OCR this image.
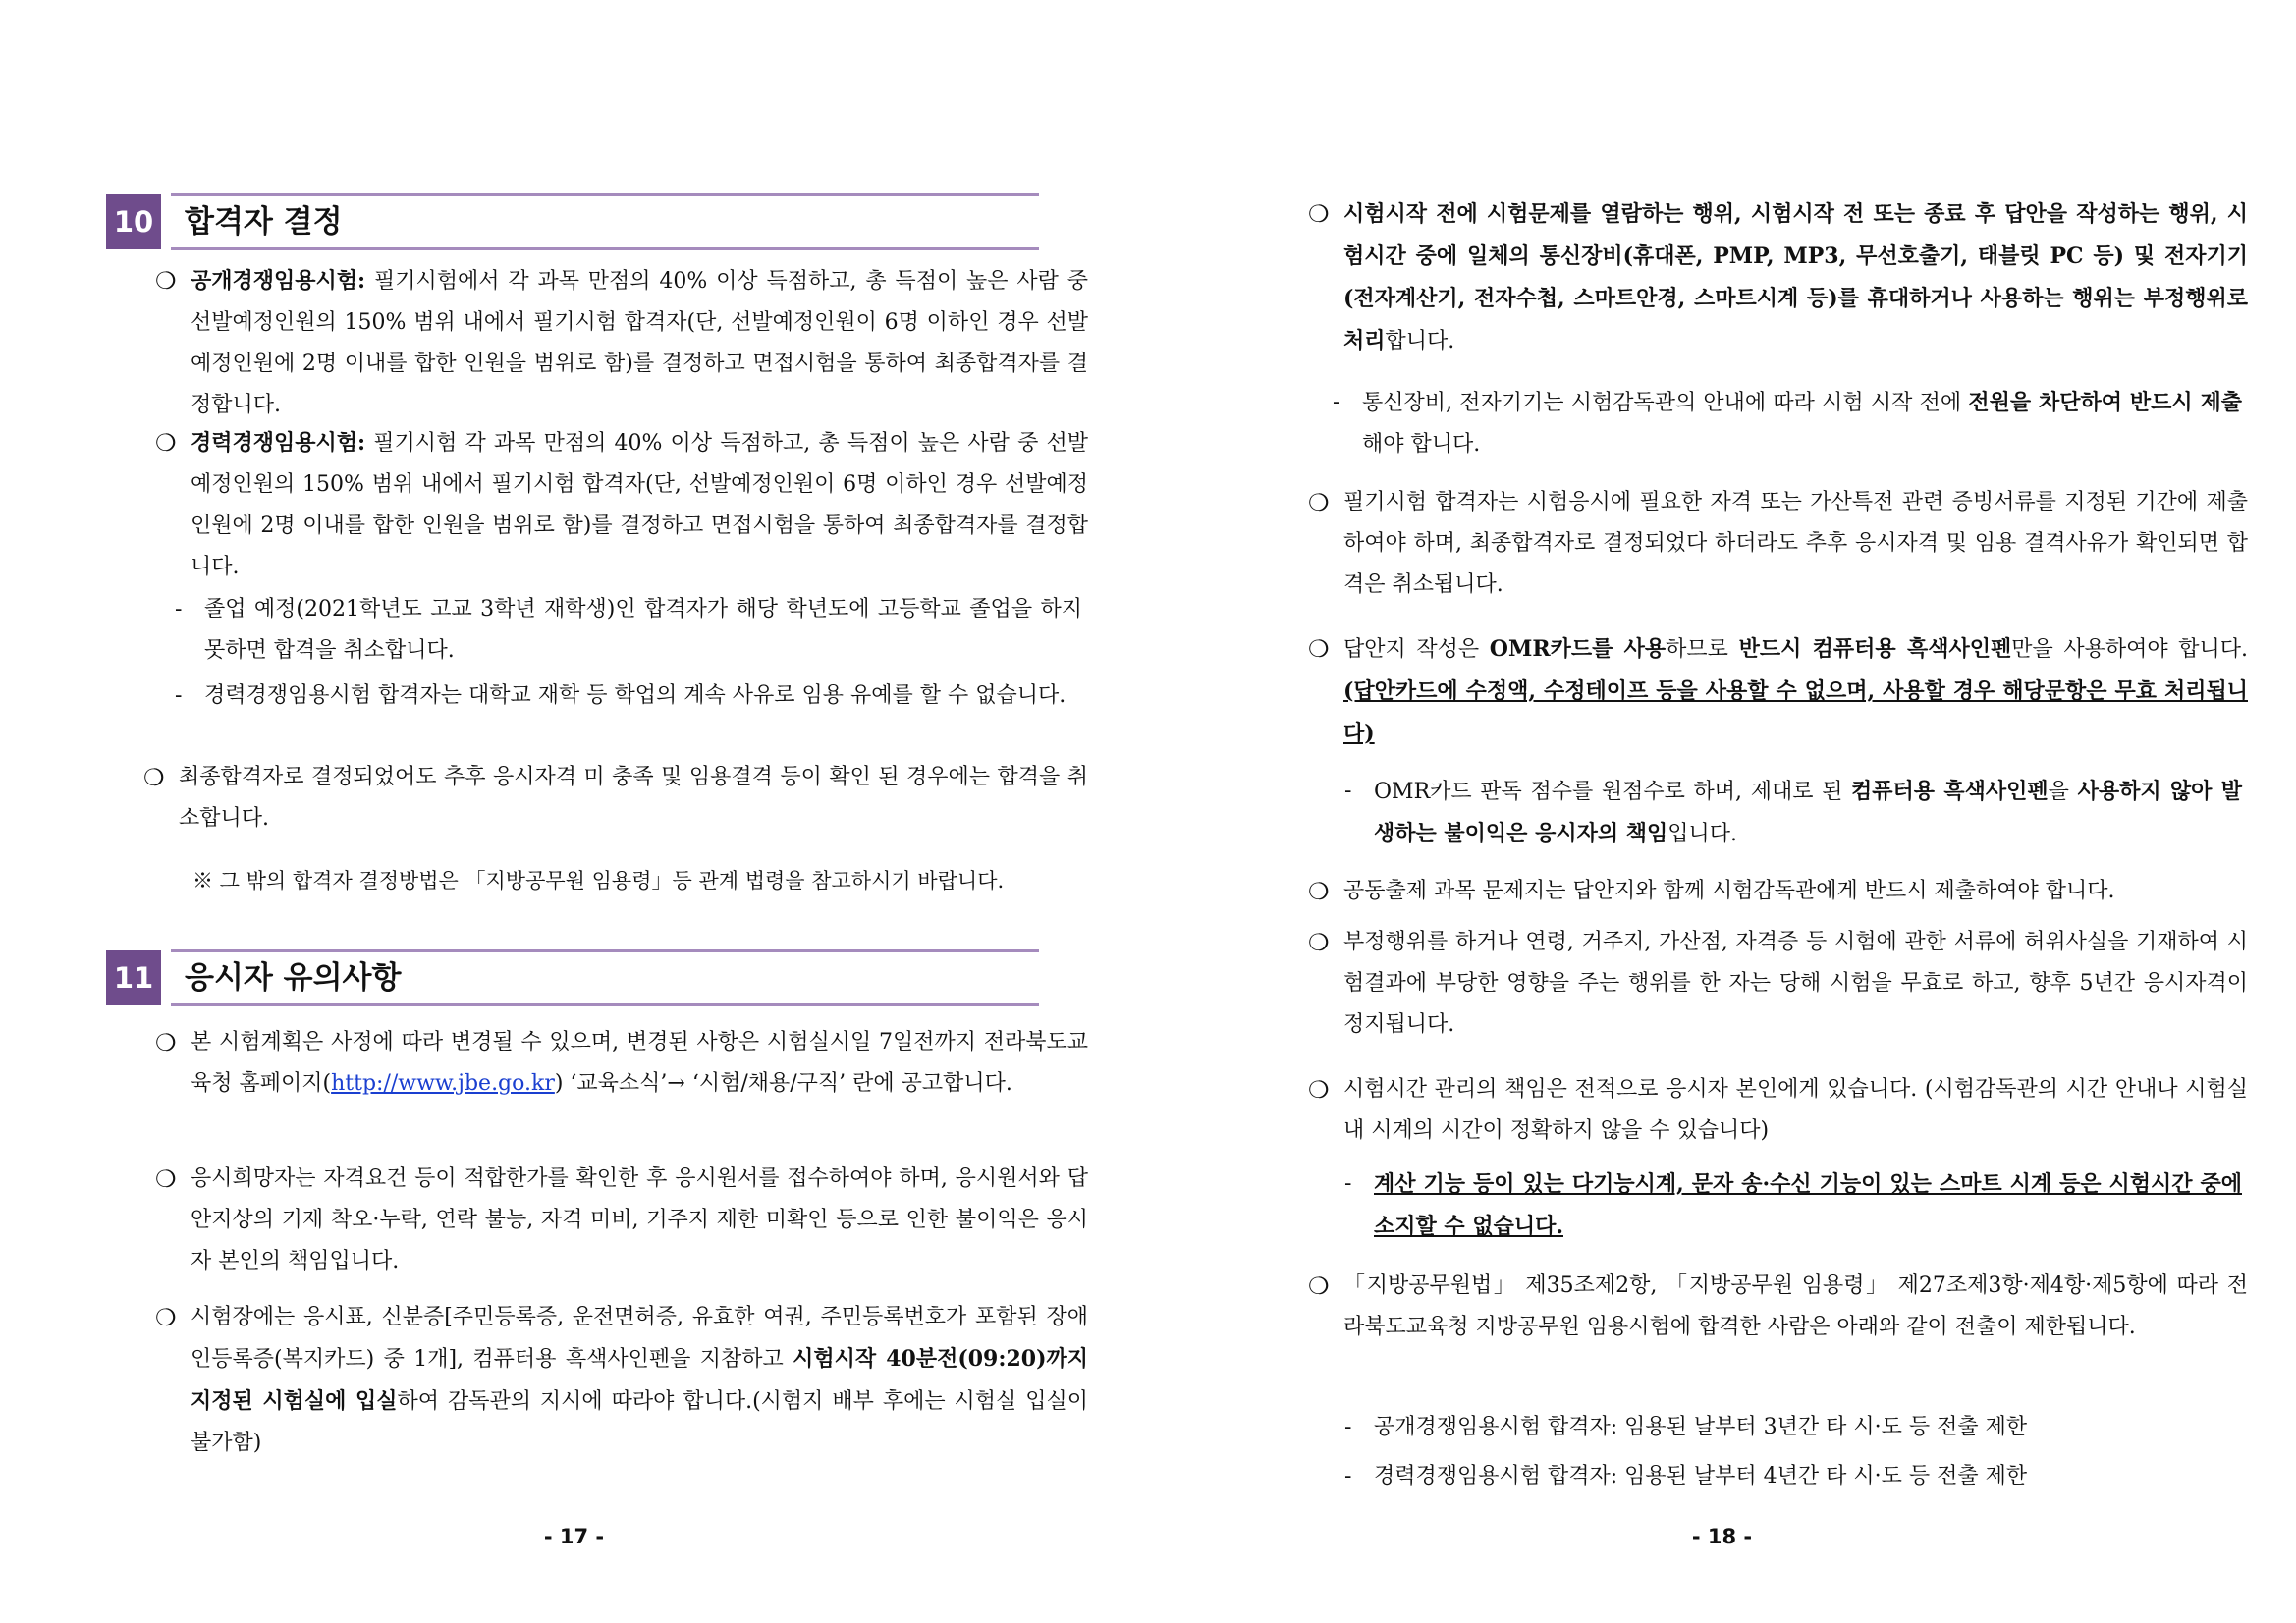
10 합격자 결정
❍ 공개경쟁임용시험: 필기시험에서 각 과목 만점의 40% 이상 득점하고, 총 득점이 높은 사람 중 선발예정인원의 150% 범위 내에서 필기시험 합격자(단, 선발예정인원이 6명 이하인 경우 선발예정인원에 2명 이내를 합한 인원을 범위로 함)를 결정하고 면접시험을 통하여 최종합격자를 결정합니다.
❍ 경력경쟁임용시험: 필기시험 각 과목 만점의 40% 이상 득점하고, 총 득점이 높은 사람 중 선발예정인원의 150% 범위 내에서 필기시험 합격자(단, 선발예정인원이 6명 이하인 경우 선발예정인원에 2명 이내를 합한 인원을 범위로 함)를 결정하고 면접시험을 통하여 최종합격자를 결정합니다.
- 졸업 예정(2021학년도 고교 3학년 재학생)인 합격자가 해당 학년도에 고등학교 졸업을 하지 못하면 합격을 취소합니다.
- 경력경쟁임용시험 합격자는 대학교 재학 등 학업의 계속 사유로 임용 유예를 할 수 없습니다.
❍ 최종합격자로 결정되었어도 추후 응시자격 미 충족 및 임용결격 등이 확인 된 경우에는 합격을 취소합니다.
※ 그 밖의 합격자 결정방법은 「지방공무원 임용령」등 관계 법령을 참고하시기 바랍니다.
11 응시자 유의사항
❍ 본 시험계획은 사정에 따라 변경될 수 있으며, 변경된 사항은 시험실시일 7일전까지 전라북도교육청 홈페이지(http://www.jbe.go.kr) ‘교육소식’→ ‘시험/채용/구직’ 란에 공고합니다.
❍ 응시희망자는 자격요건 등이 적합한가를 확인한 후 응시원서를 접수하여야 하며, 응시원서와 답안지상의 기재 착오·누락, 연락 불능, 자격 미비, 거주지 제한 미확인 등으로 인한 불이익은 응시자 본인의 책임입니다.
❍ 시험장에는 응시표, 신분증[주민등록증, 운전면허증, 유효한 여권, 주민등록번호가 포함된 장애인등록증(복지카드) 중 1개], 컴퓨터용 흑색사인펜을 지참하고 시험시작 40분전(09:20)까지 지정된 시험실에 입실하여 감독관의 지시에 따라야 합니다.(시험지 배부 후에는 시험실 입실이 불가함)
- 17 -
❍ 시험시작 전에 시험문제를 열람하는 행위, 시험시작 전 또는 종료 후 답안을 작성하는 행위, 시험시간 중에 일체의 통신장비(휴대폰, PMP, MP3, 무선호출기, 태블릿 PC 등) 및 전자기기(전자계산기, 전자수첩, 스마트안경, 스마트시계 등)를 휴대하거나 사용하는 행위는 부정행위로 처리합니다.
- 통신장비, 전자기기는 시험감독관의 안내에 따라 시험 시작 전에 전원을 차단하여 반드시 제출해야 합니다.
❍ 필기시험 합격자는 시험응시에 필요한 자격 또는 가산특전 관련 증빙서류를 지정된 기간에 제출하여야 하며, 최종합격자로 결정되었다 하더라도 추후 응시자격 및 임용 결격사유가 확인되면 합격은 취소됩니다.
❍ 답안지 작성은 OMR카드를 사용하므로 반드시 컴퓨터용 흑색사인펜만을 사용하여야 합니다. (답안카드에 수정액, 수정테이프 등을 사용할 수 없으며, 사용할 경우 해당문항은 무효 처리됩니다)
- OMR카드 판독 점수를 원점수로 하며, 제대로 된 컴퓨터용 흑색사인펜을 사용하지 않아 발생하는 불이익은 응시자의 책임입니다.
❍ 공동출제 과목 문제지는 답안지와 함께 시험감독관에게 반드시 제출하여야 합니다.
❍ 부정행위를 하거나 연령, 거주지, 가산점, 자격증 등 시험에 관한 서류에 허위사실을 기재하여 시험결과에 부당한 영향을 주는 행위를 한 자는 당해 시험을 무효로 하고, 향후 5년간 응시자격이 정지됩니다.
❍ 시험시간 관리의 책임은 전적으로 응시자 본인에게 있습니다. (시험감독관의 시간 안내나 시험실 내 시계의 시간이 정확하지 않을 수 있습니다)
- 계산 기능 등이 있는 다기능시계, 문자 송·수신 기능이 있는 스마트 시계 등은 시험시간 중에 소지할 수 없습니다.
❍ 「지방공무원법」 제35조제2항, 「지방공무원 임용령」 제27조제3항·제4항·제5항에 따라 전라북도교육청 지방공무원 임용시험에 합격한 사람은 아래와 같이 전출이 제한됩니다.
- 공개경쟁임용시험 합격자: 임용된 날부터 3년간 타 시·도 등 전출 제한
- 경력경쟁임용시험 합격자: 임용된 날부터 4년간 타 시·도 등 전출 제한
- 18 -
